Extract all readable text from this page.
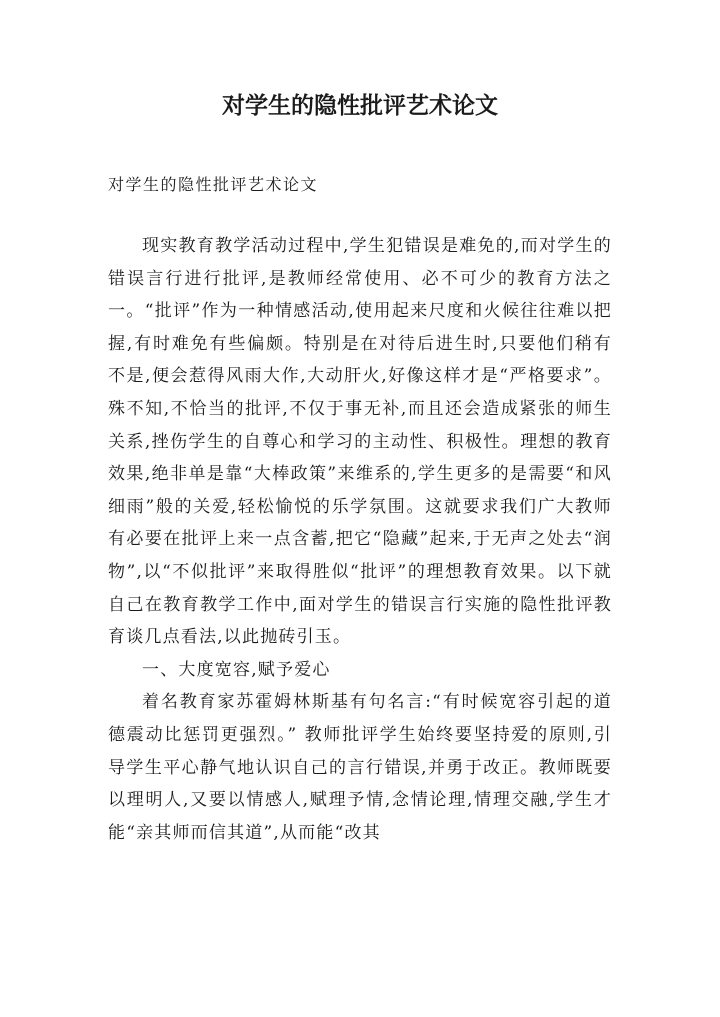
对学生的隐性批评艺术论文

对学生的隐性批评艺术论文

现实教育教学活动过程中,学生犯错误是难免的,而对学生的错误言行进行批评,是教师经常使用、必不可少的教育方法之一。“批评”作为一种情感活动,使用起来尺度和火候往往难以把握,有时难免有些偏颇。特别是在对待后进生时,只要他们稍有不是,便会惹得风雨大作,大动肝火,好像这样才是“严格要求”。殊不知,不恰当的批评,不仅于事无补,而且还会造成紧张的师生关系,挫伤学生的自尊心和学习的主动性、积极性。理想的教育效果,绝非单是靠“大棒政策”来维系的,学生更多的是需要“和风细雨”般的关爱,轻松愉悦的乐学氛围。这就要求我们广大教师有必要在批评上来一点含蓄,把它“隐藏”起来,于无声之处去“润物”,以“不似批评”来取得胜似“批评”的理想教育效果。以下就自己在教育教学工作中,面对学生的错误言行实施的隐性批评教育谈几点看法,以此抛砖引玉。

一、大度宽容,赋予爱心

着名教育家苏霍姆林斯基有句名言:“有时候宽容引起的道德震动比惩罚更强烈。” 教师批评学生始终要坚持爱的原则,引导学生平心静气地认识自己的言行错误,并勇于改正。教师既要以理明人,又要以情感人,赋理予情,念情论理,情理交融,学生才能“亲其师而信其道”,从而能“改其
